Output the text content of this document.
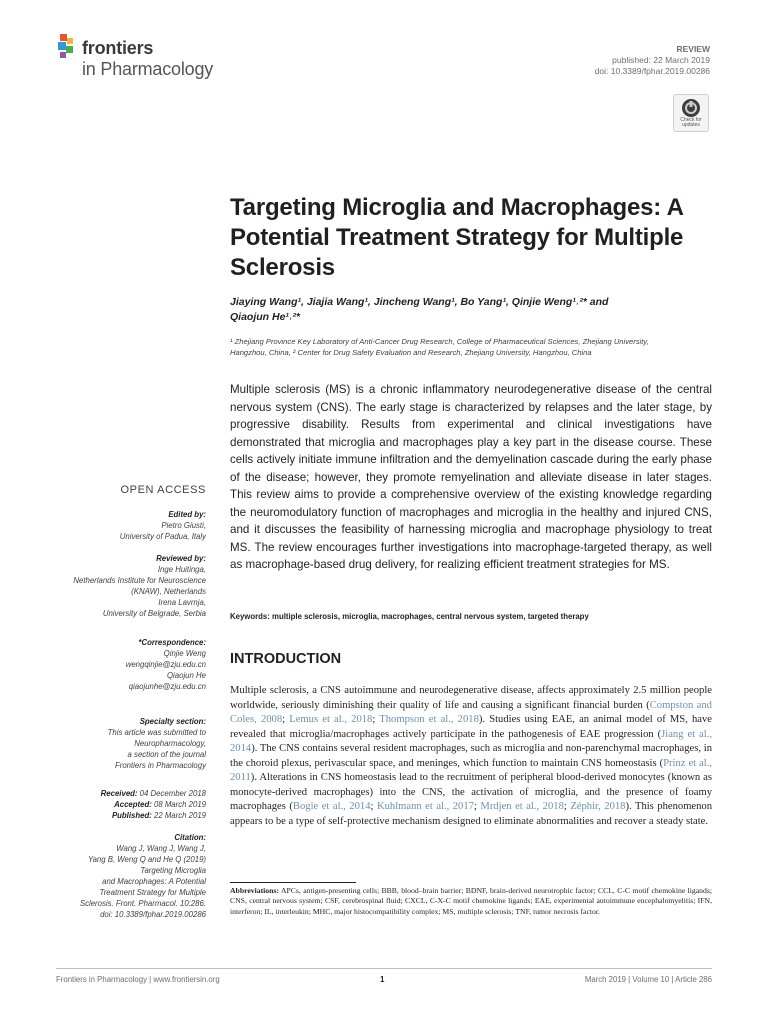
frontiers
in Pharmacology
REVIEW
published: 22 March 2019
doi: 10.3389/fphar.2019.00286
Check for updates
Targeting Microglia and Macrophages: A Potential Treatment Strategy for Multiple Sclerosis
Jiaying Wang¹, Jiajia Wang¹, Jincheng Wang¹, Bo Yang¹, Qinjie Weng¹˒²* and
Qiaojun He¹˒²*
¹ Zhejiang Province Key Laboratory of Anti-Cancer Drug Research, College of Pharmaceutical Sciences, Zhejiang University,
Hangzhou, China, ² Center for Drug Safety Evaluation and Research, Zhejiang University, Hangzhou, China

Multiple sclerosis (MS) is a chronic inflammatory neurodegenerative disease of the central nervous system (CNS). The early stage is characterized by relapses and the later stage, by progressive disability. Results from experimental and clinical investigations have demonstrated that microglia and macrophages play a key part in the disease course. These cells actively initiate immune infiltration and the demyelination cascade during the early phase of the disease; however, they promote remyelination and alleviate disease in later stages. This review aims to provide a comprehensive overview of the existing knowledge regarding the neuromodulatory function of macrophages and microglia in the healthy and injured CNS, and it discusses the feasibility of harnessing microglia and macrophage physiology to treat MS. The review encourages further investigations into macrophage-targeted therapy, as well as macrophage-based drug delivery, for realizing efficient treatment strategies for MS.

Keywords: multiple sclerosis, microglia, macrophages, central nervous system, targeted therapy

INTRODUCTION

Multiple sclerosis, a CNS autoimmune and neurodegenerative disease, affects approximately 2.5 million people worldwide, seriously diminishing their quality of life and causing a significant financial burden (Compston and Coles, 2008; Lemus et al., 2018; Thompson et al., 2018). Studies using EAE, an animal model of MS, have revealed that microglia/macrophages actively participate in the pathogenesis of EAE progression (Jiang et al., 2014). The CNS contains several resident macrophages, such as microglia and non-parenchymal macrophages, in the choroid plexus, perivascular space, and meninges, which function to maintain CNS homeostasis (Prinz et al., 2011). Alterations in CNS homeostasis lead to the recruitment of peripheral blood-derived monocytes (known as monocyte-derived macrophages) into the CNS, the activation of microglia, and the presence of foamy macrophages (Bogie et al., 2014; Kuhlmann et al., 2017; Mrdjen et al., 2018; Zéphir, 2018). This phenomenon appears to be a type of self-protective mechanism designed to eliminate abnormalities and recover a steady state.

Abbreviations: APCs, antigen-presenting cells; BBB, blood–brain barrier; BDNF, brain-derived neurotrophic factor; CCL, C-C motif chemokine ligands; CNS, central nervous system; CSF, cerebrospinal fluid; CXCL, C-X-C motif chemokine ligands; EAE, experimental autoimmune encephalomyelitis; IFN, interferon; IL, interleukin; MHC, major histocompatibility complex; MS, multiple sclerosis; TNF, tumor necrosis factor.

OPEN ACCESS
Edited by:
Pietro Giusti,
University of Padua, Italy
Reviewed by:
Inge Huitinga,
Netherlands Institute for Neuroscience
(KNAW), Netherlands
Irena Lavrnja,
University of Belgrade, Serbia
*Correspondence:
Qinjie Weng
wengqinjie@zju.edu.cn
Qiaojun He
qiaojunhe@zju.edu.cn
Specialty section:
This article was submitted to
Neuropharmacology,
a section of the journal
Frontiers in Pharmacology
Received: 04 December 2018
Accepted: 08 March 2019
Published: 22 March 2019
Citation:
Wang J, Wang J, Wang J,
Yang B, Weng Q and He Q (2019)
Targeting Microglia
and Macrophages: A Potential
Treatment Strategy for Multiple
Sclerosis. Front. Pharmacol. 10:286.
doi: 10.3389/fphar.2019.00286
Frontiers in Pharmacology | www.frontiersin.org	1	March 2019 | Volume 10 | Article 286
